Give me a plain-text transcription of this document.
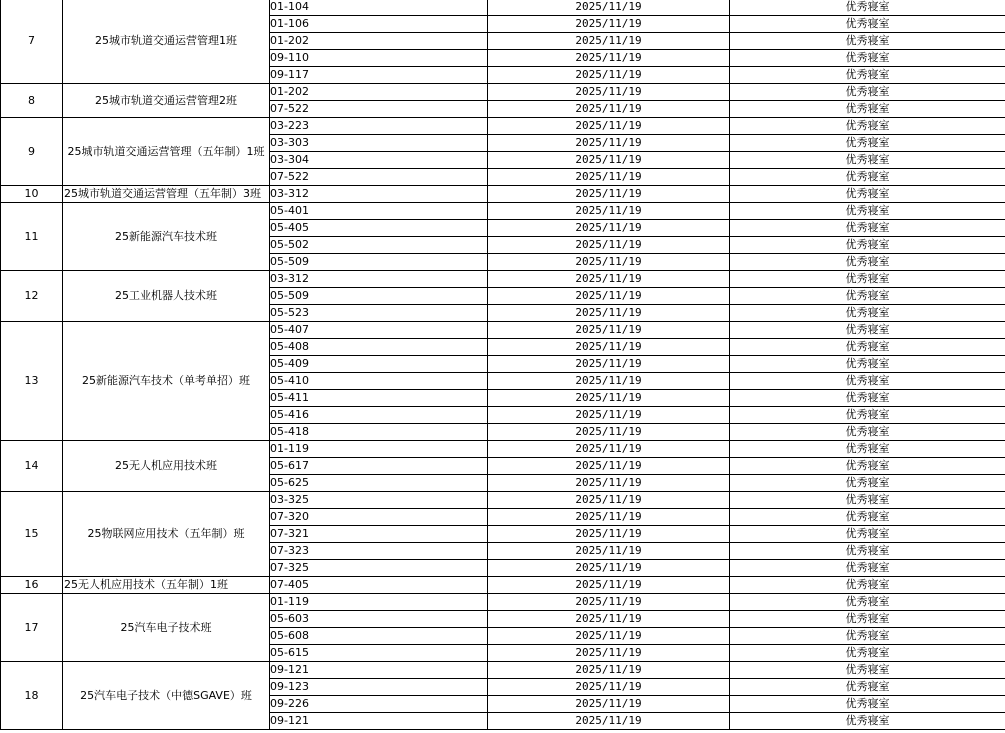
7	25城市轨道交通运营管理1班	01-104	2025/11/19	优秀寝室
		01-106	2025/11/19	优秀寝室
		01-202	2025/11/19	优秀寝室
		09-110	2025/11/19	优秀寝室
		09-117	2025/11/19	优秀寝室
8	25城市轨道交通运营管理2班	01-202	2025/11/19	优秀寝室
		07-522	2025/11/19	优秀寝室
9	25城市轨道交通运营管理（五年制）1班	03-223	2025/11/19	优秀寝室
		03-303	2025/11/19	优秀寝室
		03-304	2025/11/19	优秀寝室
		07-522	2025/11/19	优秀寝室
10	25城市轨道交通运营管理（五年制）3班	03-312	2025/11/19	优秀寝室
11	25新能源汽车技术班	05-401	2025/11/19	优秀寝室
		05-405	2025/11/19	优秀寝室
		05-502	2025/11/19	优秀寝室
		05-509	2025/11/19	优秀寝室
12	25工业机器人技术班	03-312	2025/11/19	优秀寝室
		05-509	2025/11/19	优秀寝室
		05-523	2025/11/19	优秀寝室
13	25新能源汽车技术（单考单招）班	05-407	2025/11/19	优秀寝室
		05-408	2025/11/19	优秀寝室
		05-409	2025/11/19	优秀寝室
		05-410	2025/11/19	优秀寝室
		05-411	2025/11/19	优秀寝室
		05-416	2025/11/19	优秀寝室
		05-418	2025/11/19	优秀寝室
14	25无人机应用技术班	01-119	2025/11/19	优秀寝室
		05-617	2025/11/19	优秀寝室
		05-625	2025/11/19	优秀寝室
15	25物联网应用技术（五年制）班	03-325	2025/11/19	优秀寝室
		07-320	2025/11/19	优秀寝室
		07-321	2025/11/19	优秀寝室
		07-323	2025/11/19	优秀寝室
		07-325	2025/11/19	优秀寝室
16	25无人机应用技术（五年制）1班	07-405	2025/11/19	优秀寝室
17	25汽车电子技术班	01-119	2025/11/19	优秀寝室
		05-603	2025/11/19	优秀寝室
		05-608	2025/11/19	优秀寝室
		05-615	2025/11/19	优秀寝室
18	25汽车电子技术（中德SGAVE）班	09-121	2025/11/19	优秀寝室
		09-123	2025/11/19	优秀寝室
		09-226	2025/11/19	优秀寝室
		09-121	2025/11/19	优秀寝室
